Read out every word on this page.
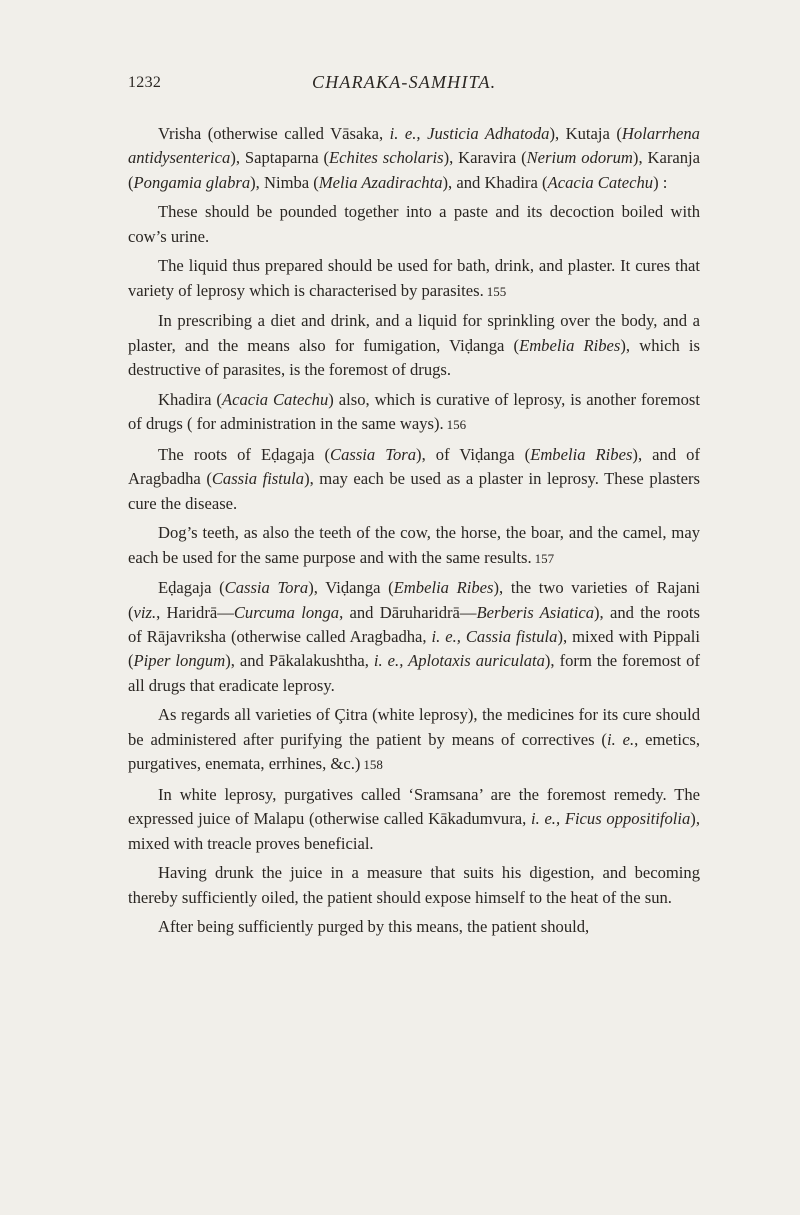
1232	CHARAKA-SAMHITA.

Vrisha (otherwise called Vāsaka, i. e., Justicia Adhatoda), Kutaja (Holarrhena antidysenterica), Saptaparna (Echites scholaris), Karavira (Nerium odorum), Karanja (Pongamia glabra), Nimba (Melia Azadirachta), and Khadira (Acacia Catechu) :

These should be pounded together into a paste and its decoction boiled with cow’s urine.

The liquid thus prepared should be used for bath, drink, and plaster. It cures that variety of leprosy which is characterised by parasites. 155

In prescribing a diet and drink, and a liquid for sprinkling over the body, and a plaster, and the means also for fumigation, Viḍanga (Embelia Ribes), which is destructive of parasites, is the foremost of drugs.

Khadira (Acacia Catechu) also, which is curative of leprosy, is another foremost of drugs ( for administration in the same ways). 156

The roots of Eḍagaja (Cassia Tora), of Viḍanga (Embelia Ribes), and of Aragbadha (Cassia fistula), may each be used as a plaster in leprosy. These plasters cure the disease.

Dog’s teeth, as also the teeth of the cow, the horse, the boar, and the camel, may each be used for the same purpose and with the same results. 157

Eḍagaja (Cassia Tora), Viḍanga (Embelia Ribes), the two varieties of Rajani (viz., Haridrā—Curcuma longa, and Dāruharidrā—Berberis Asiatica), and the roots of Rājavriksha (otherwise called Aragbadha, i. e., Cassia fistula), mixed with Pippali (Piper longum), and Pākalakushtha, i. e., Aplotaxis auriculata), form the foremost of all drugs that eradicate leprosy.

As regards all varieties of Çitra (white leprosy), the medicines for its cure should be administered after purifying the patient by means of correctives (i. e., emetics, purgatives, enemata, errhines, &c.) 158

In white leprosy, purgatives called ‘Sramsana’ are the foremost remedy. The expressed juice of Malapu (otherwise called Kākadumvura, i. e., Ficus oppositifolia), mixed with treacle proves beneficial.

Having drunk the juice in a measure that suits his digestion, and becoming thereby sufficiently oiled, the patient should expose himself to the heat of the sun.

After being sufficiently purged by this means, the patient should,
